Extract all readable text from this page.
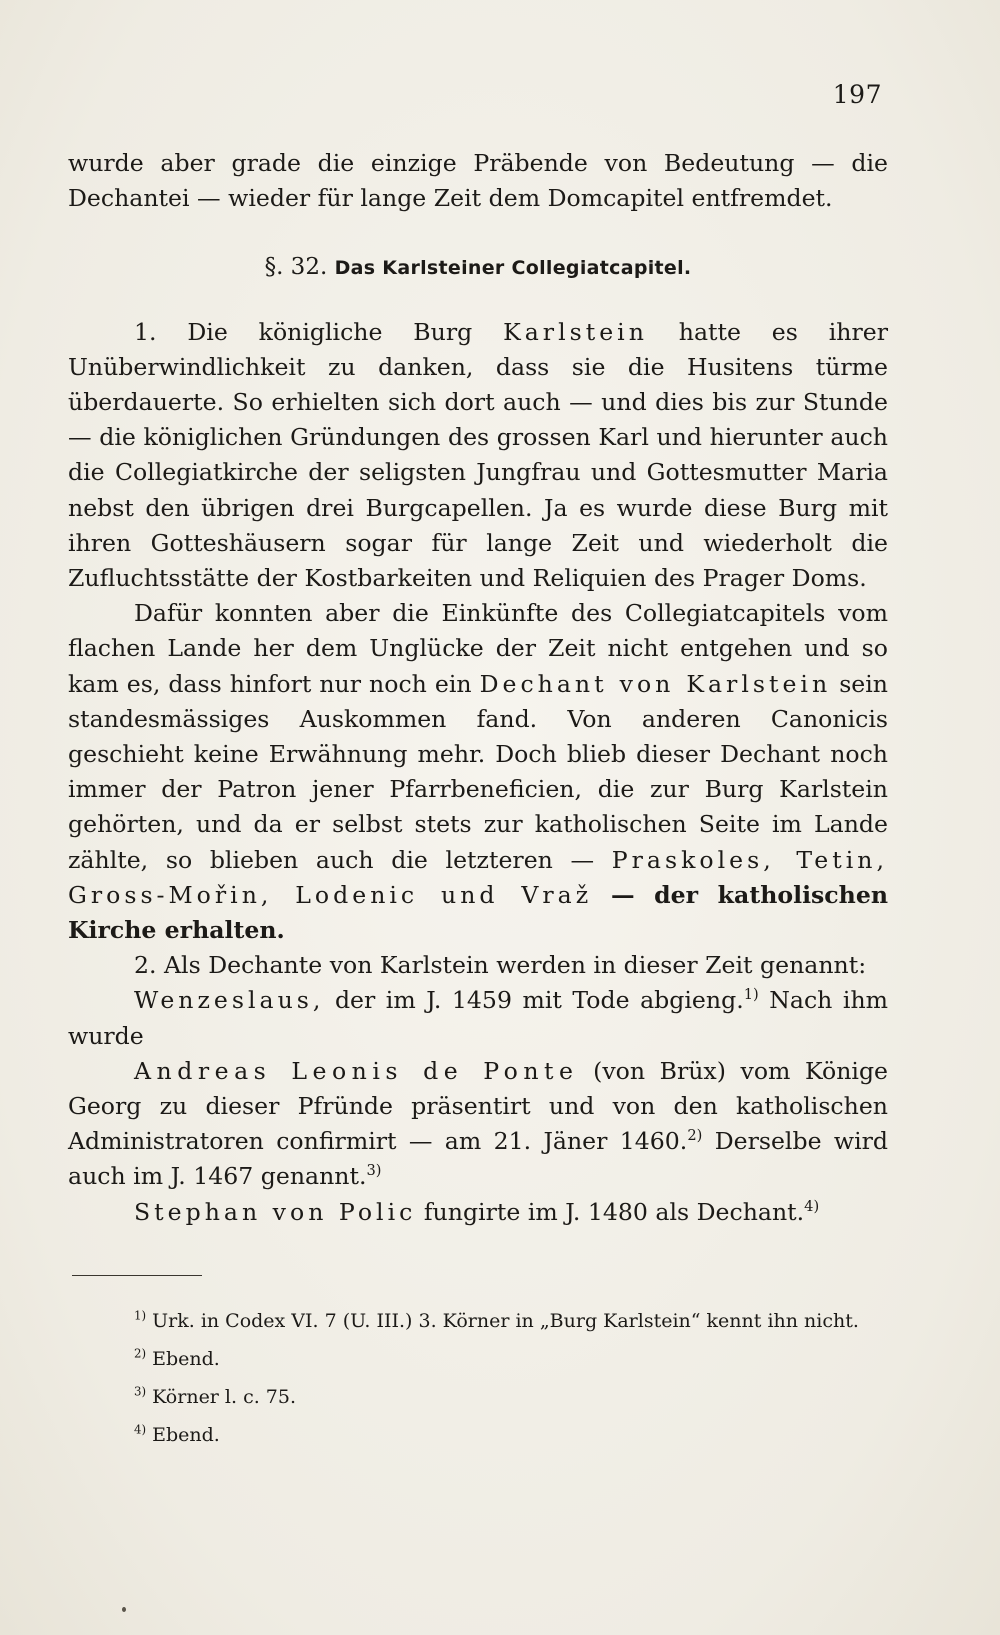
197

wurde aber grade die einzige Präbende von Bedeutung — die Dechantei — wieder für lange Zeit dem Domcapitel entfremdet.

§. 32. Das Karlsteiner Collegiatcapitel.

1. Die königliche Burg Karlstein hatte es ihrer Unüberwindlichkeit zu danken, dass sie die Husitens türme überdauerte. So erhielten sich dort auch — und dies bis zur Stunde — die königlichen Gründungen des grossen Karl und hierunter auch die Collegiatkirche der seligsten Jungfrau und Gottesmutter Maria nebst den übrigen drei Burgcapellen. Ja es wurde diese Burg mit ihren Gotteshäusern sogar für lange Zeit und wiederholt die Zufluchtsstätte der Kostbarkeiten und Reliquien des Prager Doms.

Dafür konnten aber die Einkünfte des Collegiatcapitels vom flachen Lande her dem Unglücke der Zeit nicht entgehen und so kam es, dass hinfort nur noch ein Dechant von Karlstein sein standesmässiges Auskommen fand. Von anderen Canonicis geschieht keine Erwähnung mehr. Doch blieb dieser Dechant noch immer der Patron jener Pfarrbeneficien, die zur Burg Karlstein gehörten, und da er selbst stets zur katholischen Seite im Lande zählte, so blieben auch die letzteren — Praskoles, Tetin, Gross-Mořin, Lodenic und Vraž — der katholischen Kirche erhalten.

2. Als Dechante von Karlstein werden in dieser Zeit genannt:

Wenzeslaus, der im J. 1459 mit Tode abgieng.$^{1)}$ Nach ihm wurde

Andreas Leonis de Ponte (von Brüx) vom Könige Georg zu dieser Pfründe präsentirt und von den katholischen Administratoren confirmirt — am 21. Jäner 1460.$^{2)}$ Derselbe wird auch im J. 1467 genannt.$^{3)}$

Stephan von Polic fungirte im J. 1480 als Dechant.$^{4)}$

$^{1)}$ Urk. in Codex VI. 7 (U. III.) 3. Körner in „Burg Karlstein“ kennt ihn nicht.

$^{2)}$ Ebend.

$^{3)}$ Körner l. c. 75.

$^{4)}$ Ebend.
